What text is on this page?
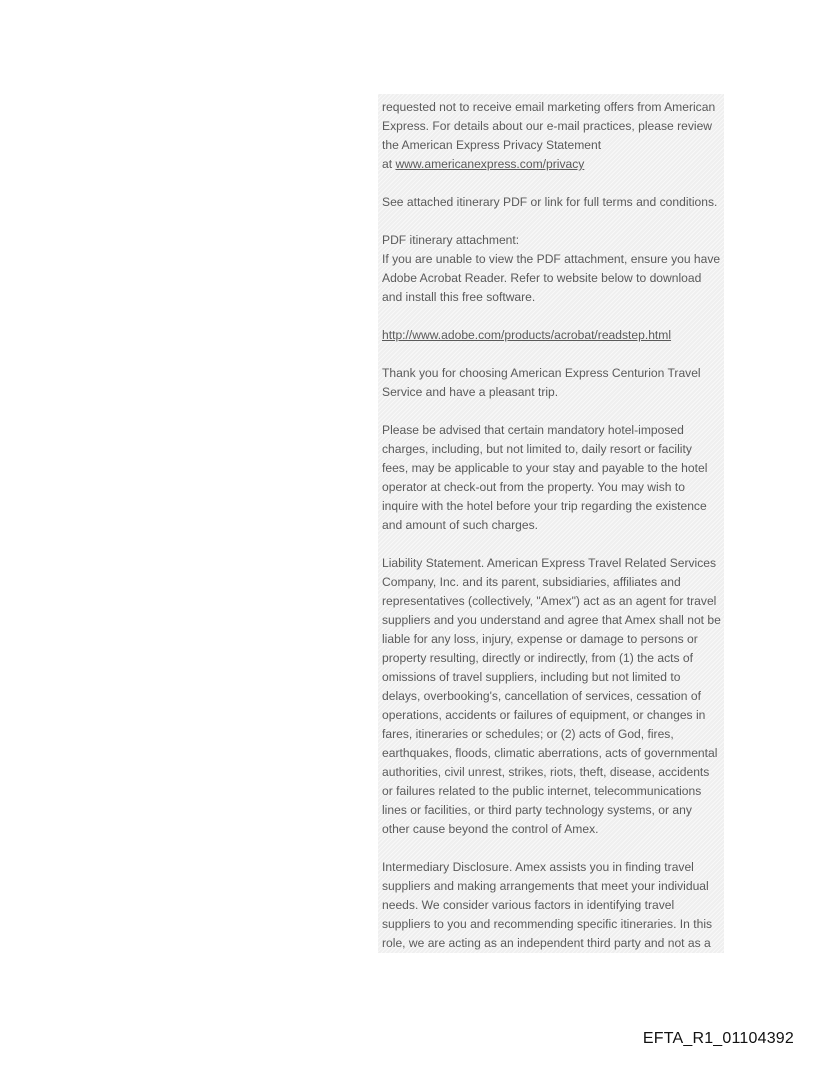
requested not to receive email marketing offers from American
Express. For details about our e-mail practices, please review
the American Express Privacy Statement
at www.americanexpress.com/privacy
See attached itinerary PDF or link for full terms and conditions.
PDF itinerary attachment:
If you are unable to view the PDF attachment, ensure you have
Adobe Acrobat Reader. Refer to website below to download
and install this free software.
http://www.adobe.com/products/acrobat/readstep.html
Thank you for choosing American Express Centurion Travel
Service and have a pleasant trip.
Please be advised that certain mandatory hotel-imposed
charges, including, but not limited to, daily resort or facility
fees, may be applicable to your stay and payable to the hotel
operator at check-out from the property. You may wish to
inquire with the hotel before your trip regarding the existence
and amount of such charges.
Liability Statement. American Express Travel Related Services
Company, Inc. and its parent, subsidiaries, affiliates and
representatives (collectively, "Amex") act as an agent for travel
suppliers and you understand and agree that Amex shall not be
liable for any loss, injury, expense or damage to persons or
property resulting, directly or indirectly, from (1) the acts of
omissions of travel suppliers, including but not limited to
delays, overbooking's, cancellation of services, cessation of
operations, accidents or failures of equipment, or changes in
fares, itineraries or schedules; or (2) acts of God, fires,
earthquakes, floods, climatic aberrations, acts of governmental
authorities, civil unrest, strikes, riots, theft, disease, accidents
or failures related to the public internet, telecommunications
lines or facilities, or third party technology systems, or any
other cause beyond the control of Amex.
Intermediary Disclosure. Amex assists you in finding travel
suppliers and making arrangements that meet your individual
needs. We consider various factors in identifying travel
suppliers to you and recommending specific itineraries. In this
role, we are acting as an independent third party and not as a
EFTA_R1_01104392
